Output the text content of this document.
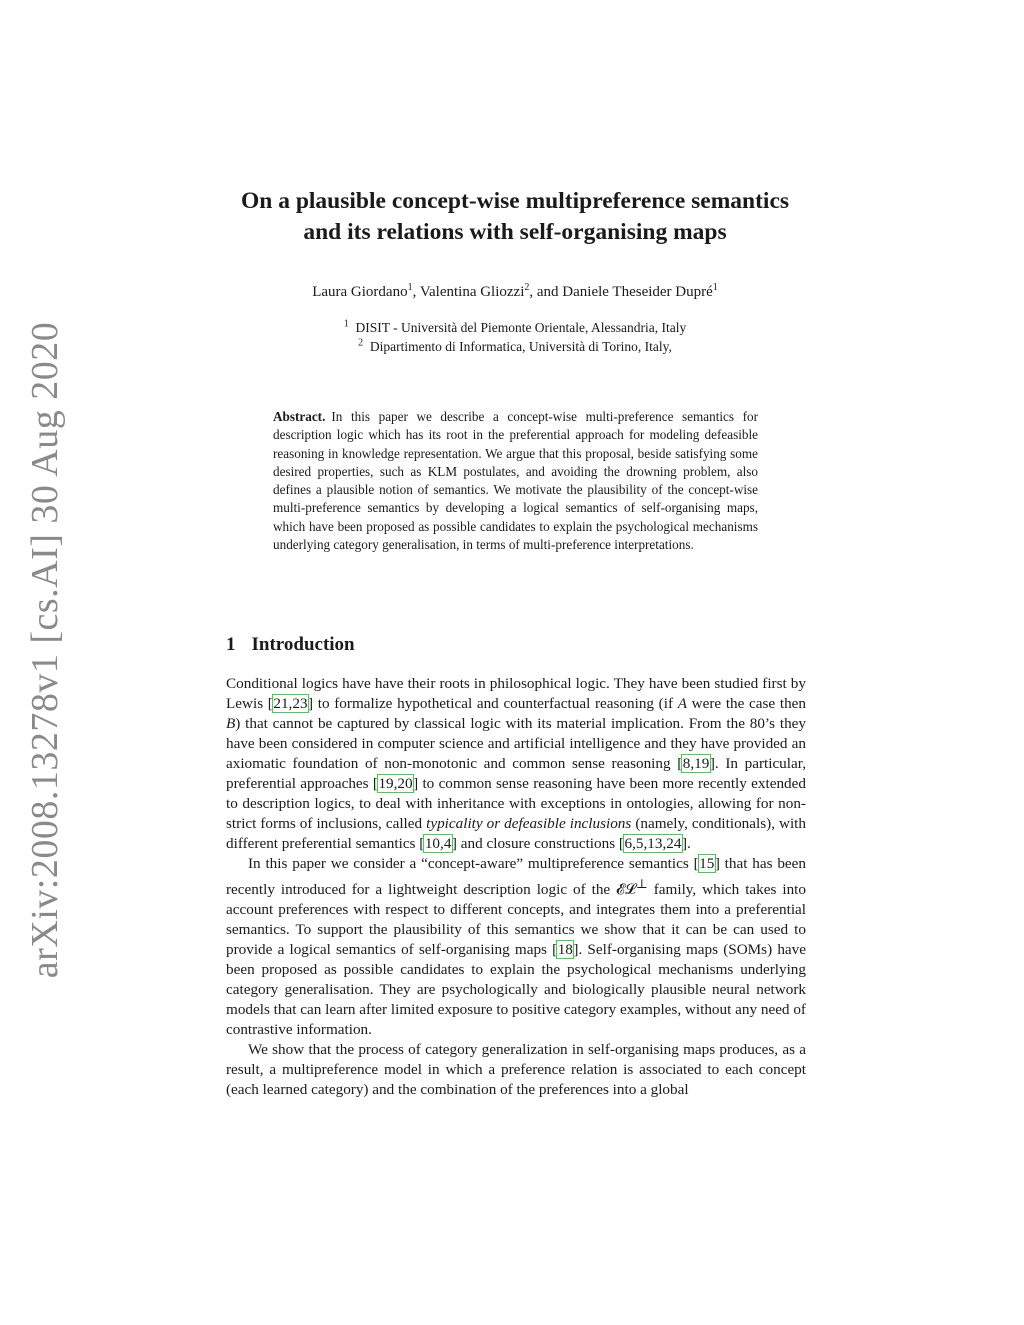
arXiv:2008.13278v1 [cs.AI] 30 Aug 2020
On a plausible concept-wise multipreference semantics
and its relations with self-organising maps
Laura Giordano$^1$, Valentina Gliozzi$^2$, and Daniele Theseider Dupré$^1$
$^1$ DISIT - Università del Piemonte Orientale, Alessandria, Italy
$^2$ Dipartimento di Informatica, Università di Torino, Italy,
Abstract. In this paper we describe a concept-wise multi-preference semantics for description logic which has its root in the preferential approach for modeling defeasible reasoning in knowledge representation. We argue that this proposal, beside satisfying some desired properties, such as KLM postulates, and avoiding the drowning problem, also defines a plausible notion of semantics. We motivate the plausibility of the concept-wise multi-preference semantics by developing a logical semantics of self-organising maps, which have been proposed as possible candidates to explain the psychological mechanisms underlying category generalisation, in terms of multi-preference interpretations.
1 Introduction

Conditional logics have have their roots in philosophical logic. They have been studied first by Lewis [21,23] to formalize hypothetical and counterfactual reasoning (if A were the case then B) that cannot be captured by classical logic with its material implication. From the 80’s they have been considered in computer science and artificial intelligence and they have provided an axiomatic foundation of non-monotonic and common sense reasoning [8,19]. In particular, preferential approaches [19,20] to common sense reasoning have been more recently extended to description logics, to deal with inheritance with exceptions in ontologies, allowing for non-strict forms of inclusions, called typicality or defeasible inclusions (namely, conditionals), with different preferential semantics [10,4] and closure constructions [6,5,13,24].

In this paper we consider a “concept-aware” multipreference semantics [15] that has been recently introduced for a lightweight description logic of the 𝓔𝓛⊥ family, which takes into account preferences with respect to different concepts, and integrates them into a preferential semantics. To support the plausibility of this semantics we show that it can be can used to provide a logical semantics of self-organising maps [18]. Self-organising maps (SOMs) have been proposed as possible candidates to explain the psychological mechanisms underlying category generalisation. They are psychologically and biologically plausible neural network models that can learn after limited exposure to positive category examples, without any need of contrastive information.

We show that the process of category generalization in self-organising maps produces, as a result, a multipreference model in which a preference relation is associated to each concept (each learned category) and the combination of the preferences into a global
